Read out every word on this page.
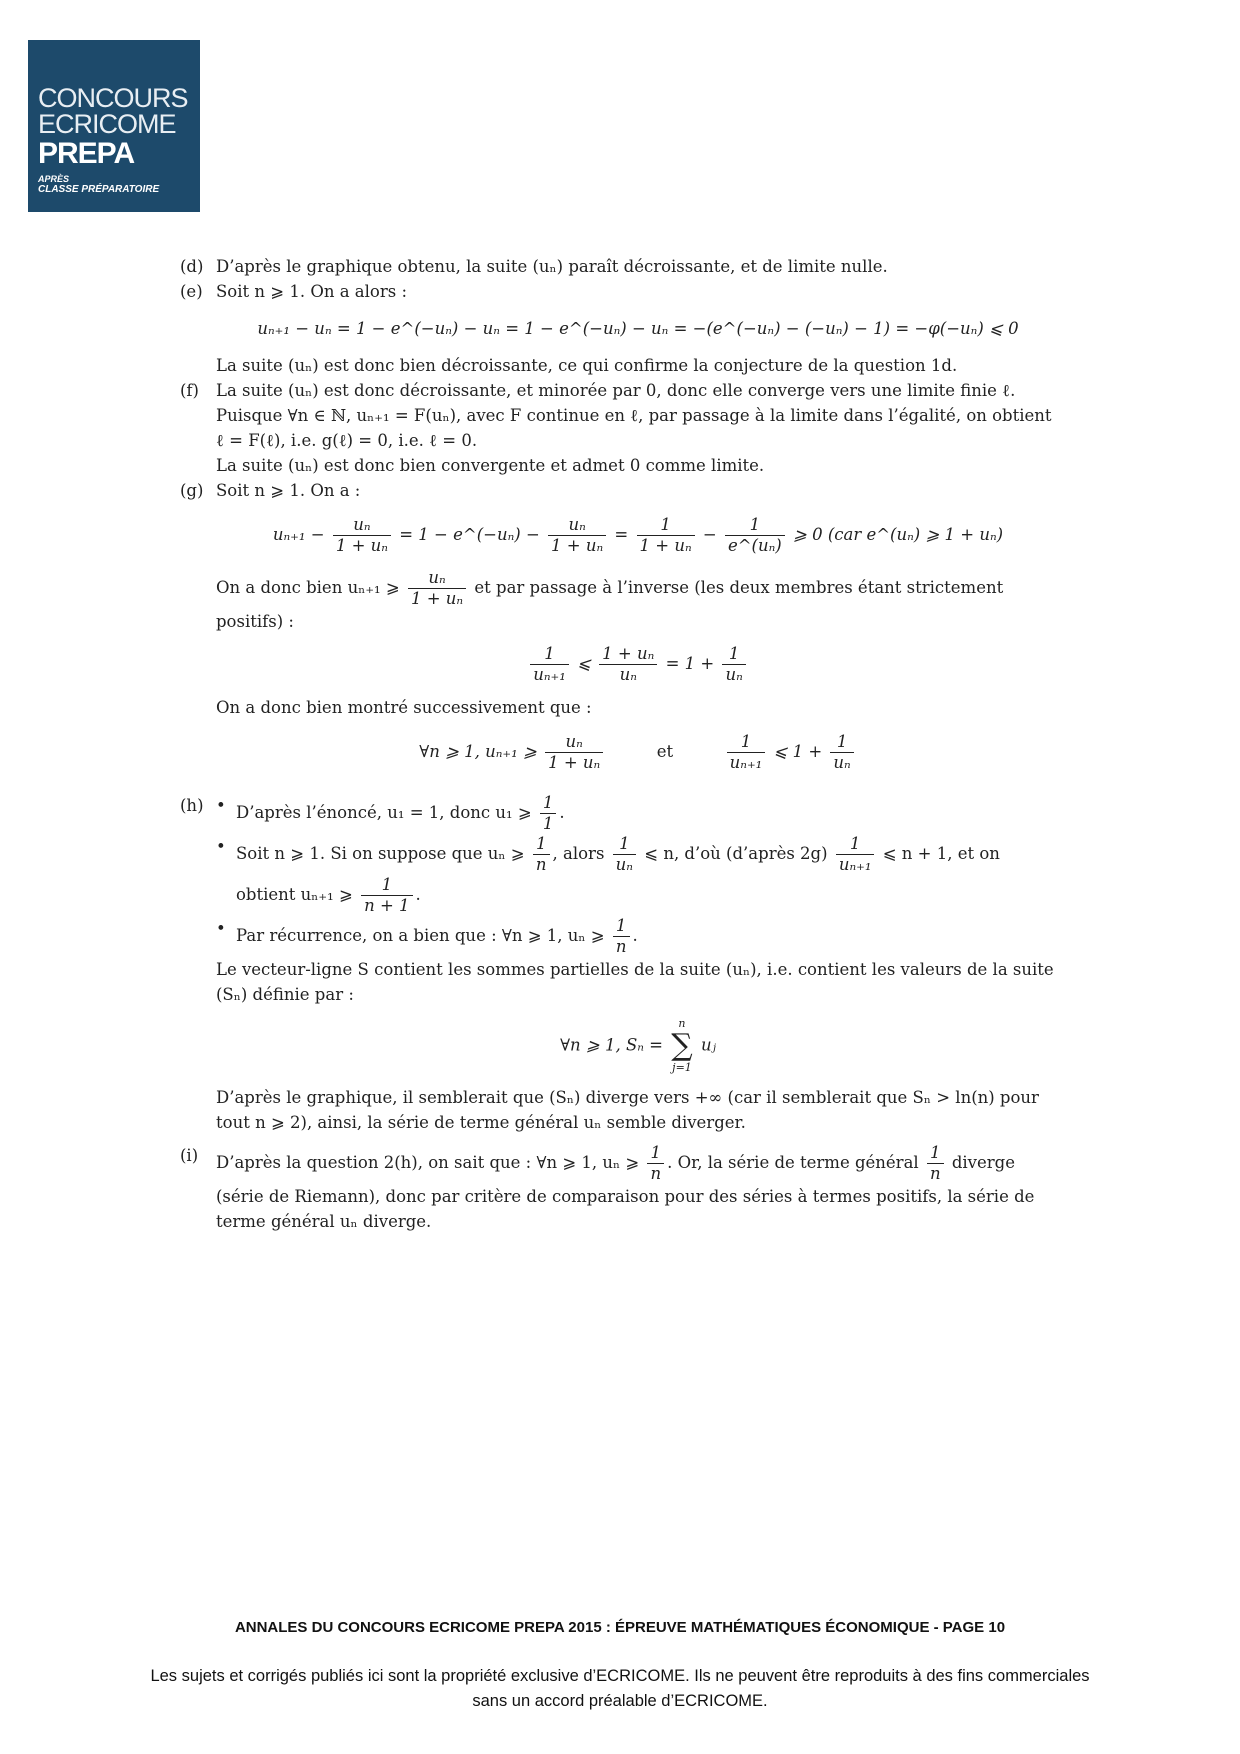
CONCOURS
ECRICOME
PREPA
APRÈS
CLASSE PRÉPARATOIRE
(d) D’après le graphique obtenu, la suite (uₙ) paraît décroissante, et de limite nulle.

(e) Soit n ⩾ 1. On a alors :

uₙ₊₁ − uₙ = 1 − e^(−uₙ) − uₙ = 1 − e^(−uₙ) − uₙ = −(e^(−uₙ) − (−uₙ) − 1) = −φ(−uₙ) ⩽ 0

La suite (uₙ) est donc bien décroissante, ce qui confirme la conjecture de la question 1d.

(f)	La suite (uₙ) est donc décroissante, et minorée par 0, donc elle converge vers une limite finie ℓ.

Puisque ∀n ∈ ℕ, uₙ₊₁ = F(uₙ), avec F continue en ℓ, par passage à la limite dans l’égalité, on obtient ℓ = F(ℓ), i.e. g(ℓ) = 0, i.e. ℓ = 0.

La suite (uₙ) est donc bien convergente et admet 0 comme limite.

(g) Soit n ⩾ 1. On a :

$u_{n+1} - \frac{\text{uₙ}}{\text{1 + uₙ}} = 1$ − e^(−uₙ) − $\frac{\text{uₙ}}{\text{1 + uₙ}} = \frac{1}{\text{1 + uₙ}} - \frac{1}{\text{e\textasciicircum{}(uₙ)}}$ ⩾ 0 (car e^(uₙ) ⩾ 1 + uₙ)

On a donc bien uₙ₊₁ ⩾ $\frac{\text{uₙ}}{\text{1 + uₙ}}$ et par passage à l’inverse (les deux membres étant strictement positifs) :

$\frac{1}{\text{uₙ₊₁}}$ ⩽ $\frac{\text{1 + uₙ}}{\text{uₙ}} = 1 + \frac{1}{\text{uₙ}}$

On a donc bien montré successivement que :

∀n ⩾ 1, uₙ₊₁ ⩾ $\frac{\text{uₙ}}{\text{1 + uₙ}}$	et	$\frac{1}{\text{uₙ₊₁}}$ ⩽ $1 + \frac{1}{\text{uₙ}}$
(h) • D’après l’énoncé, u₁ = 1, donc u₁ ⩾ $\frac{1}{1}$ .

• Soit n ⩾ 1. Si on suppose que uₙ ⩾ $\frac{1}{n}$ , alors $\frac{1}{\text{uₙ}}$ ⩽ n, d’où (d’après $2g) \frac{1}{\text{uₙ₊₁}}$ ⩽ n + 1, et on obtient uₙ₊₁ ⩾ $\frac{1}{n + 1}$ .

• Par récurrence, on a bien que : ∀n ⩾ 1, uₙ ⩾ $\frac{1}{n}$ .

Le vecteur-ligne S contient les sommes partielles de la suite (uₙ), i.e. contient les valeurs de la suite (Sₙ) définie par :

∀n ⩾ 1, Sₙ =
n
∑
j=1
uⱼ

D’après le graphique, il semblerait que (Sₙ) diverge vers +∞ (car il semblerait que Sₙ > ln(n) pour tout n ⩾ 2), ainsi, la série de terme général uₙ semble diverger.

(i)	D’après la question 2(h), on sait que : ∀n ⩾ 1, uₙ ⩾ $\frac{1}{n}$ . Or, la série de terme général $\frac{1}{n}$ diverge (série de Riemann), donc par critère de comparaison pour des séries à termes positifs, la série de terme général uₙ diverge.

ANNALES DU CONCOURS ECRICOME PREPA 2015 : ÉPREUVE MATHÉMATIQUES ÉCONOMIQUE - PAGE 10
Les sujets et corrigés publiés ici sont la propriété exclusive d’ECRICOME. Ils ne peuvent être reproduits à des fins commerciales sans un accord préalable d’ECRICOME.
